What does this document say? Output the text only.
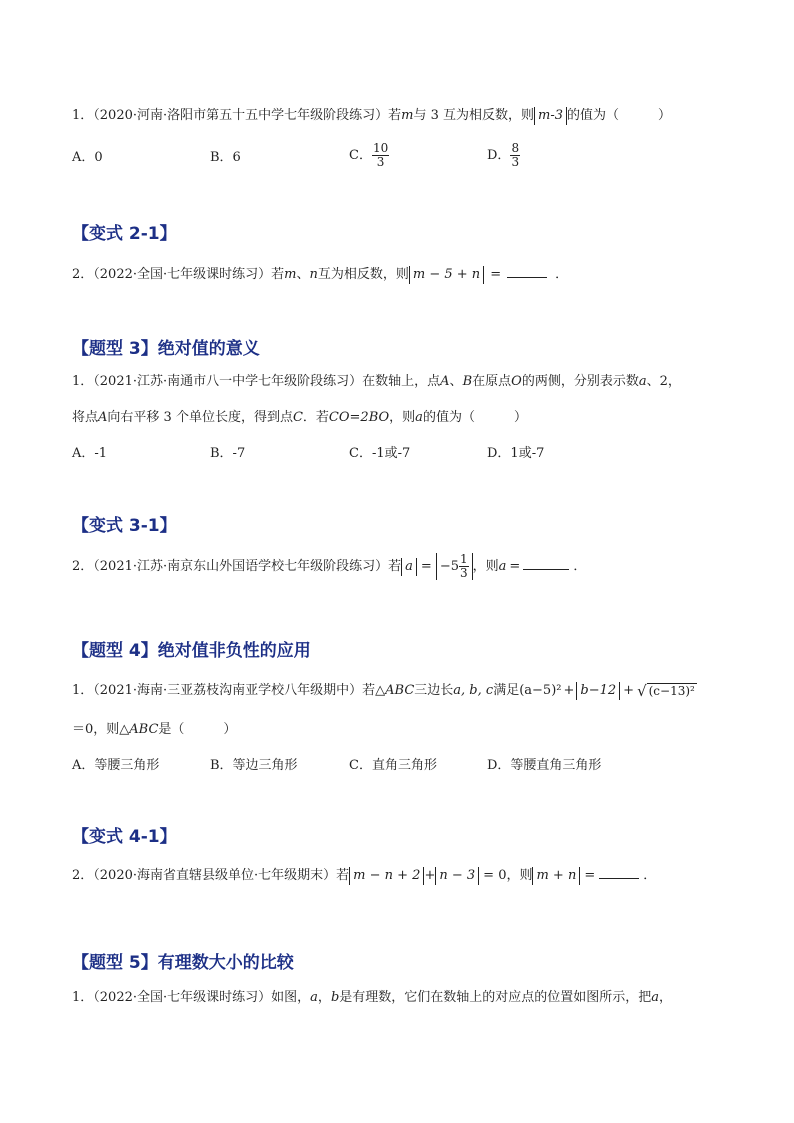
1．（2020·河南·洛阳市第五十五中学七年级阶段练习）若m与 3 互为相反数，则 m-3 的值为（　　　）
A．0	B．6	C． $\frac{10}{3}$	D． $\frac{8}{3}$
【变式 2-1】
2．（2022·全国·七年级课时练习）若m、n互为相反数，则 m − 5 + n =	．
【题型 3】绝对值的意义
1．（2021·江苏·南通市八一中学七年级阶段练习）在数轴上，点A、B在原点O的两侧，分别表示数a、2，
将点A向右平移 3 个单位长度，得到点C．若CO=2BO，则a的值为（　　　）
A．-1	B．-7	C．-1或-7	D．1或-7
【变式 3-1】
2．（2021·江苏·南京东山外国语学校七年级阶段练习）若 $a = -5 \frac{1}{3}$ ，则a =	．
【题型 4】绝对值非负性的应用
1．（2021·海南·三亚荔枝沟南亚学校八年级期中）若△ABC三边长a, b, c满足(a−5)² + b−12 + √ (c−13)²
＝0，则△ABC是（　　　）
A．等腰三角形	B．等边三角形	C．直角三角形	D．等腰直角三角形
【变式 4-1】
2．（2020·海南省直辖县级单位·七年级期末）若 m − n + 2 + n − 3 = 0，则 m + n =	．
【题型 5】有理数大小的比较
1．（2022·全国·七年级课时练习）如图，a，b是有理数，它们在数轴上的对应点的位置如图所示，把a，
